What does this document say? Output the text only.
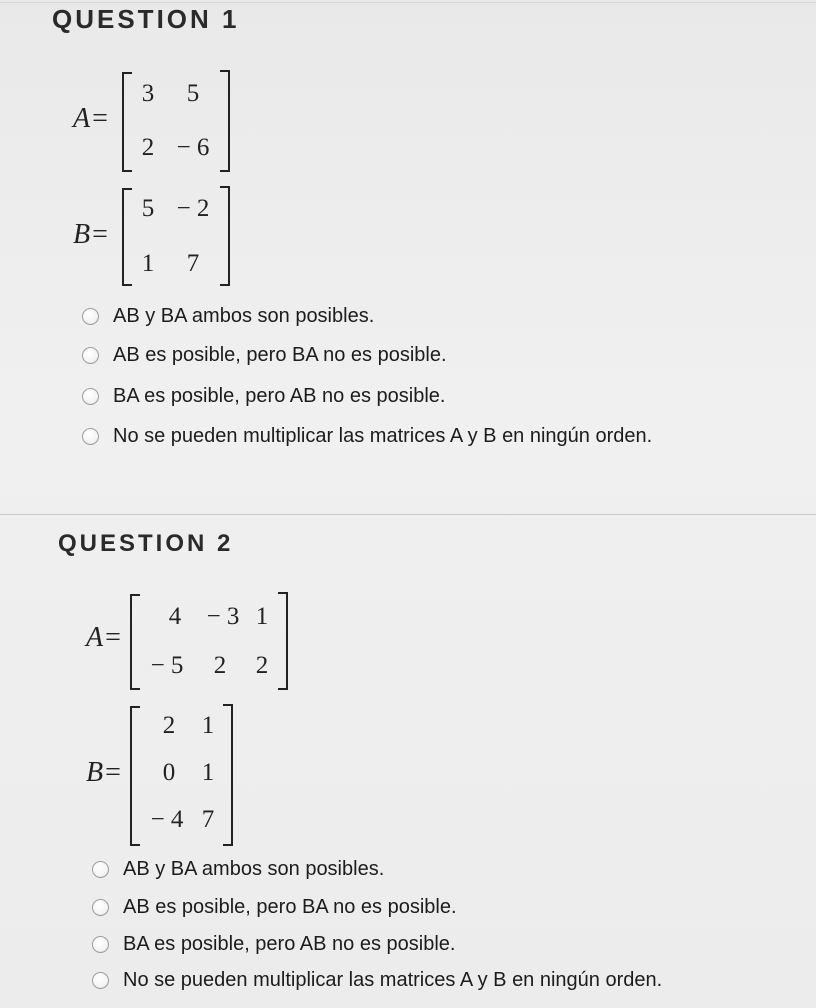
QUESTION 1
A=
3	5
2 − 6
B=
5 − 2
1	7
AB y BA ambos son posibles.
AB es posible, pero BA no es posible.
BA es posible, pero AB no es posible.
No se pueden multiplicar las matrices A y B en ningún orden.
QUESTION 2
A=
4	− 3 1
− 5	2 2
B=
2	1
0	1
− 4 7
AB y BA ambos son posibles.
AB es posible, pero BA no es posible.
BA es posible, pero AB no es posible.
No se pueden multiplicar las matrices A y B en ningún orden.
